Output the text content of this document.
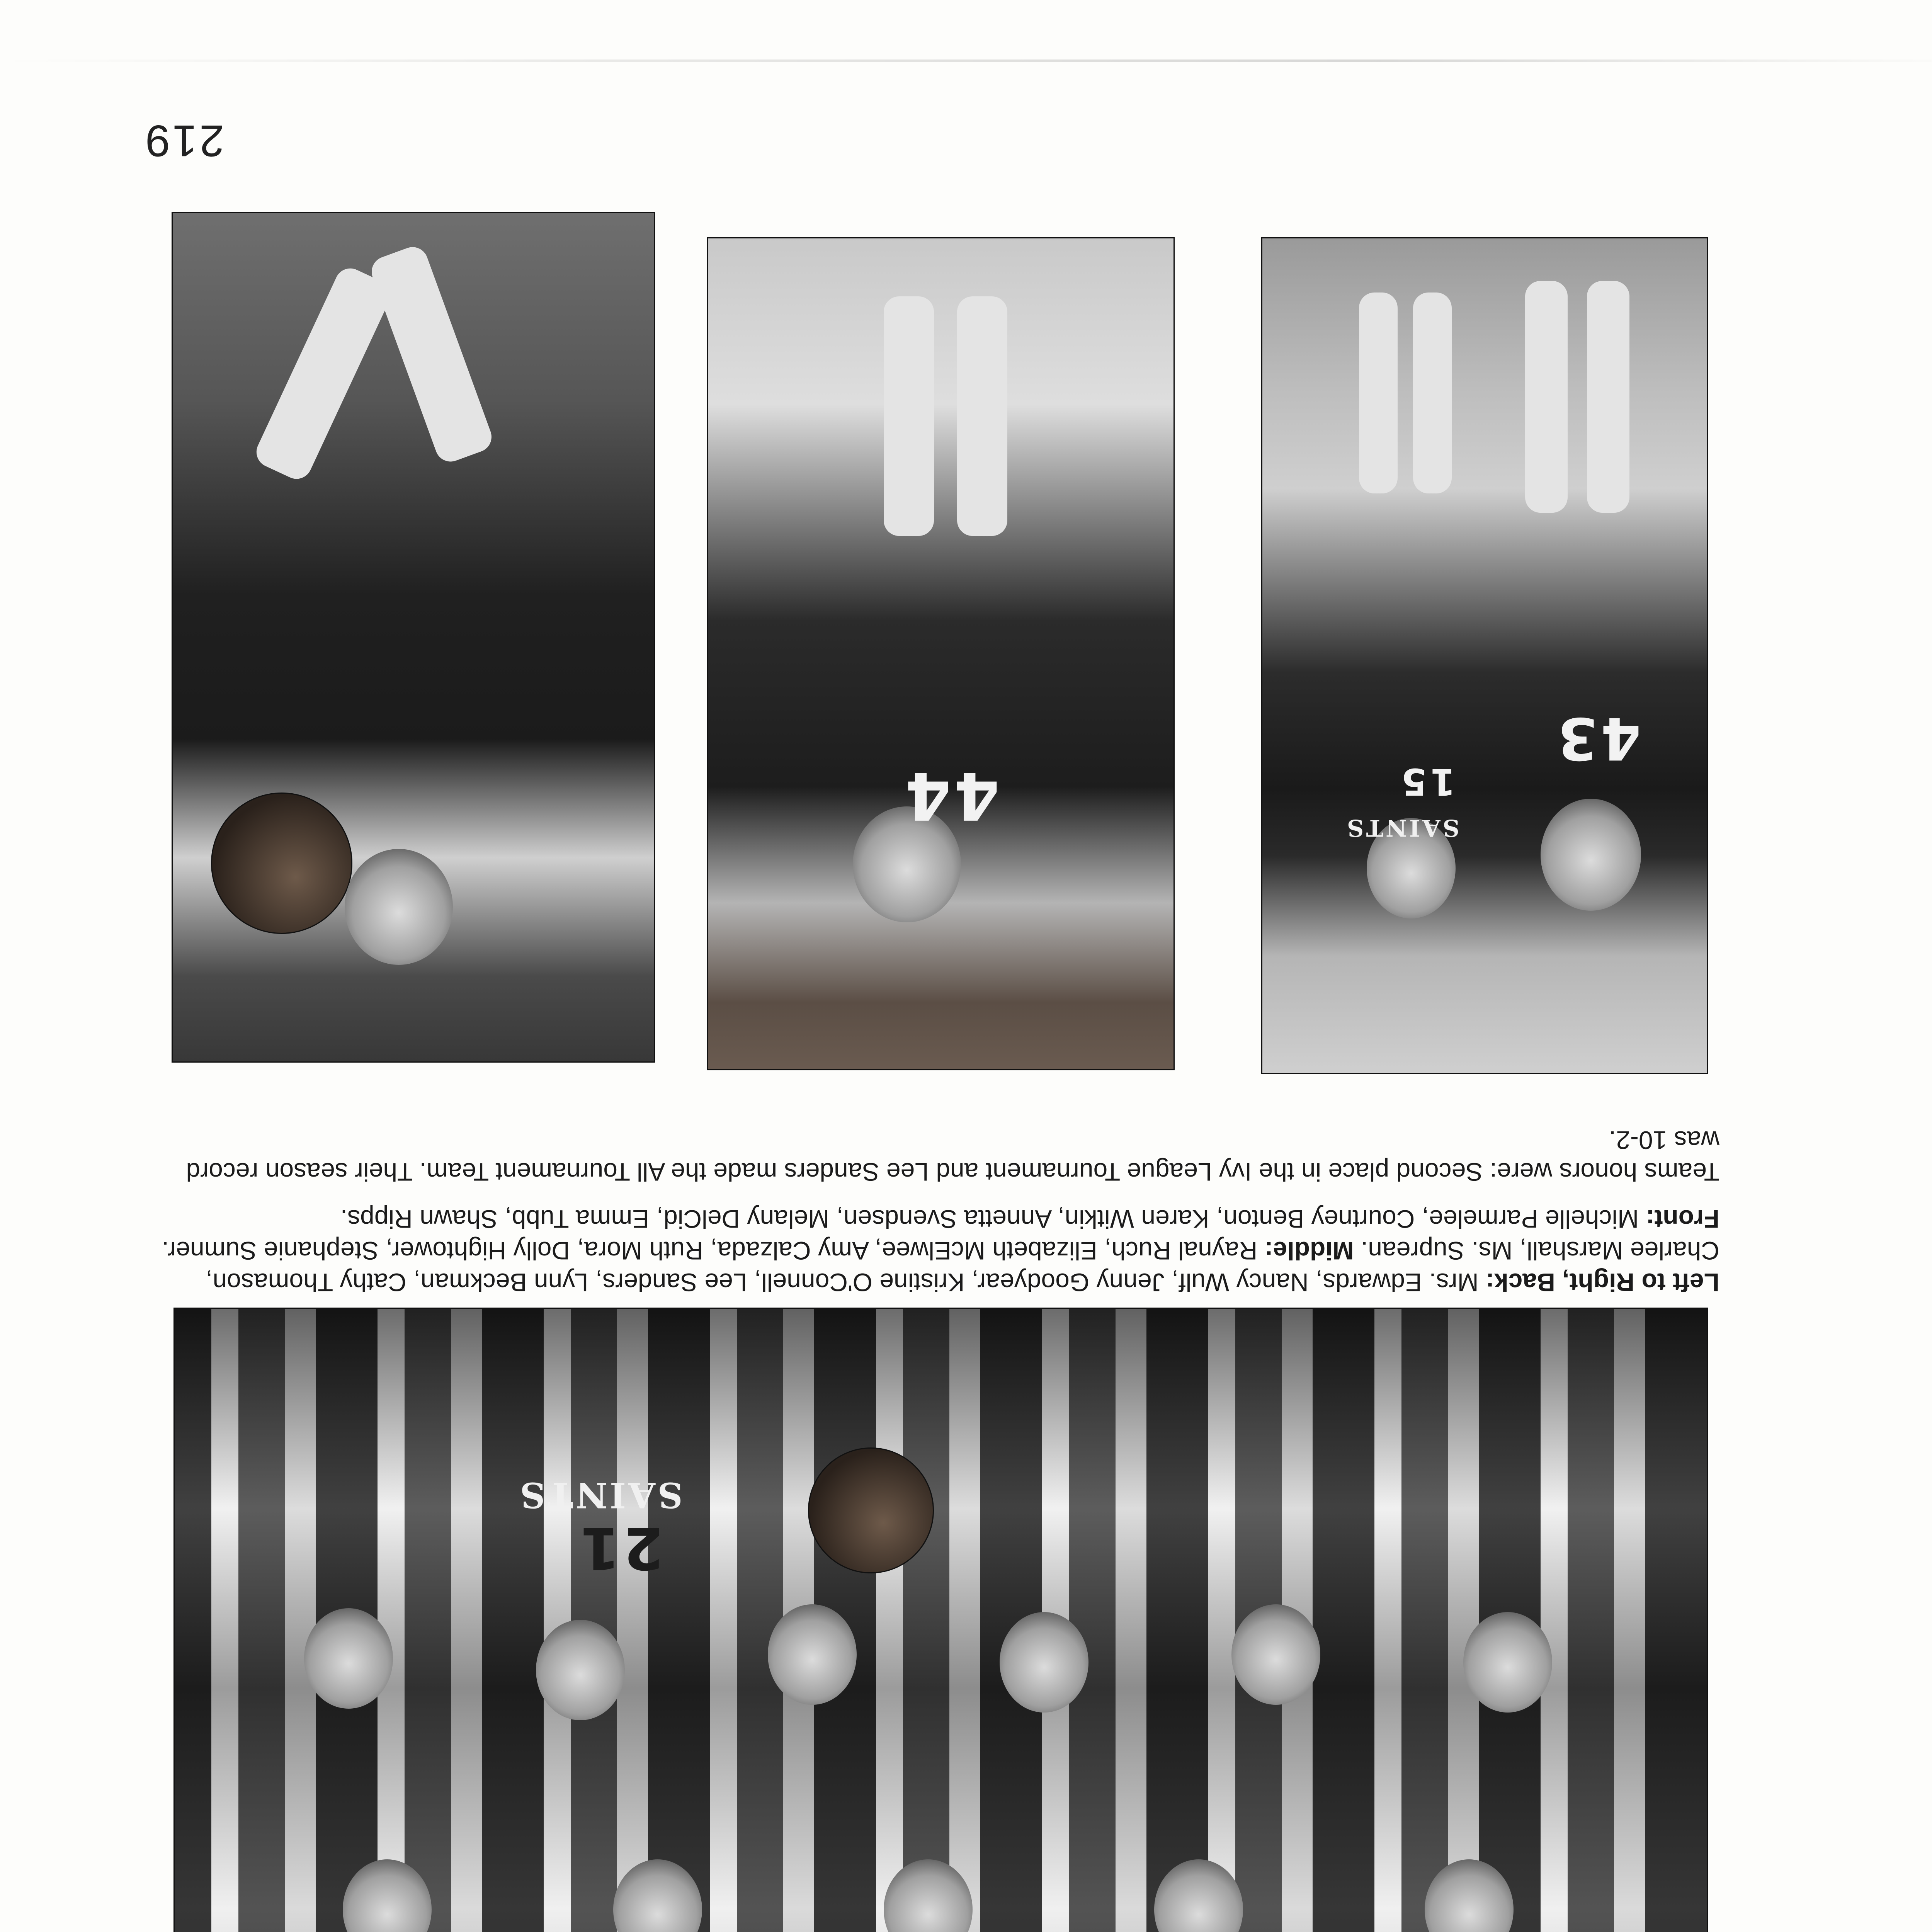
219
SAINTS
21

Left to Right, Back: Mrs. Edwards, Nancy Wulf, Jenny Goodyear, Kristine O'Connell, Lee Sanders, Lynn Beckman, Cathy Thomason, Charlee Marshall, Ms. Suprean. Middle: Raynal Ruch, Elizabeth McElwee, Amy Calzada, Ruth Mora, Dolly Hightower, Stephanie Sumner. Front: Michelle Parmelee, Courtney Benton, Karen Witkin, Annetta Svendsen, Melany DelCid, Emma Tubb, Shawn Ripps.

Teams honors were: Second place in the Ivy League Tournament and Lee Sanders made the All Tournament Team. Their season record was 10-2.

43
SAINTS
15
44
